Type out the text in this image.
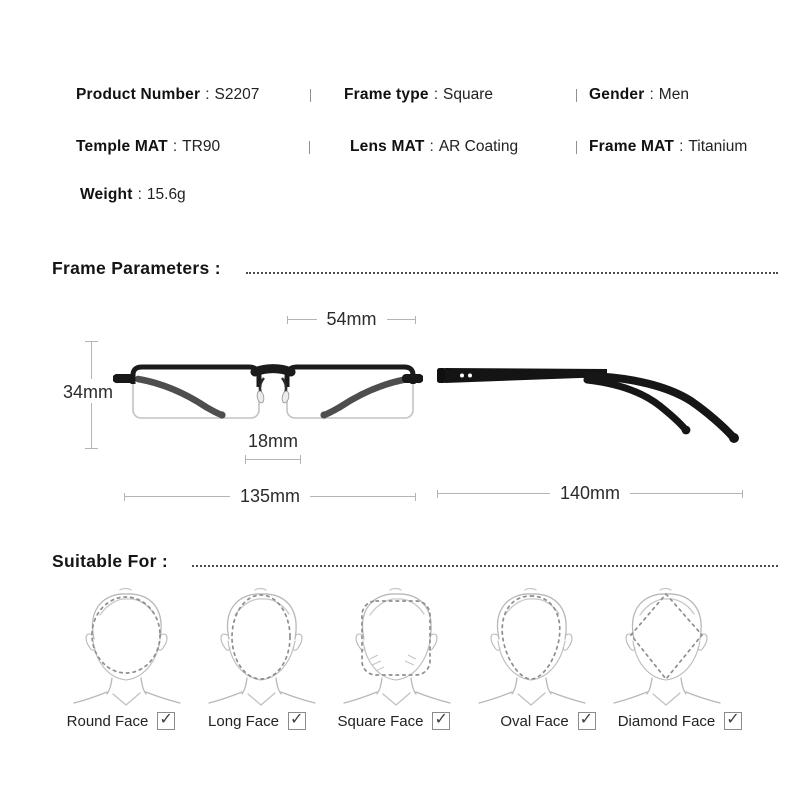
Product Number : S2207	Frame type : Square	Gender : Men
Temple MAT : TR90	Lens MAT : AR Coating	Frame MAT : Titanium
Weight : 15.6g
Frame Parameters :
54mm
34mm
18mm
135mm	140mm
Suitable For :
Round Face ✓ Long Face ✓ Square Face ✓	Oval Face ✓ Diamond Face ✓
